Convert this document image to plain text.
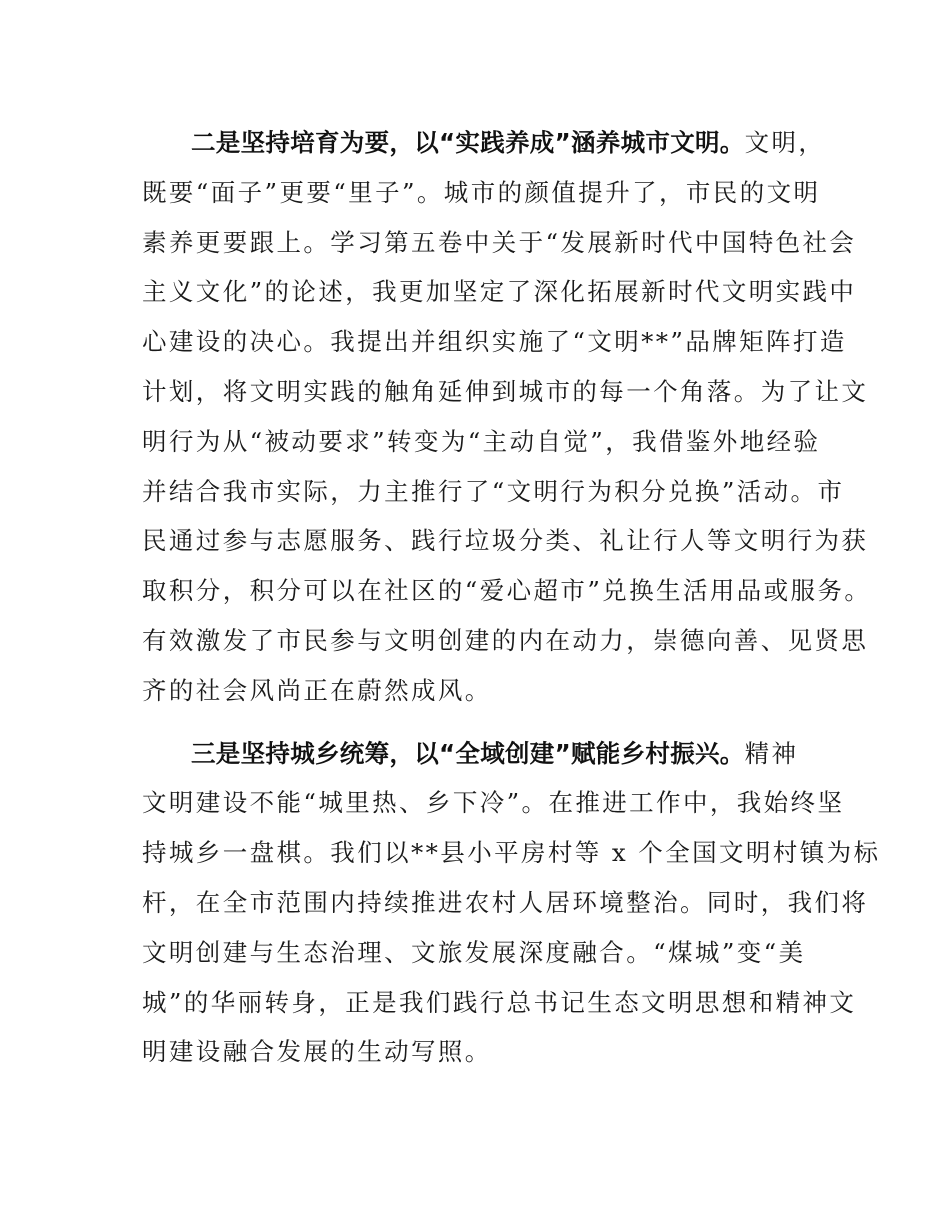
二是坚持培育为要，以“实践养成”涵养城市文明。文明，
既要“面子”更要“里子”。城市的颜值提升了，市民的文明
素养更要跟上。学习第五卷中关于“发展新时代中国特色社会
主义文化”的论述，我更加坚定了深化拓展新时代文明实践中
心建设的决心。我提出并组织实施了“文明**”品牌矩阵打造
计划，将文明实践的触角延伸到城市的每一个角落。为了让文
明行为从“被动要求”转变为“主动自觉”，我借鉴外地经验
并结合我市实际，力主推行了“文明行为积分兑换”活动。市
民通过参与志愿服务、践行垃圾分类、礼让行人等文明行为获
取积分，积分可以在社区的“爱心超市”兑换生活用品或服务。
有效激发了市民参与文明创建的内在动力，崇德向善、见贤思
齐的社会风尚正在蔚然成风。
三是坚持城乡统筹，以“全域创建”赋能乡村振兴。精神
文明建设不能“城里热、乡下冷”。在推进工作中，我始终坚
持城乡一盘棋。我们以**县小平房村等 x 个全国文明村镇为标
杆，在全市范围内持续推进农村人居环境整治。同时，我们将
文明创建与生态治理、文旅发展深度融合。“煤城”变“美
城”的华丽转身，正是我们践行总书记生态文明思想和精神文
明建设融合发展的生动写照。
